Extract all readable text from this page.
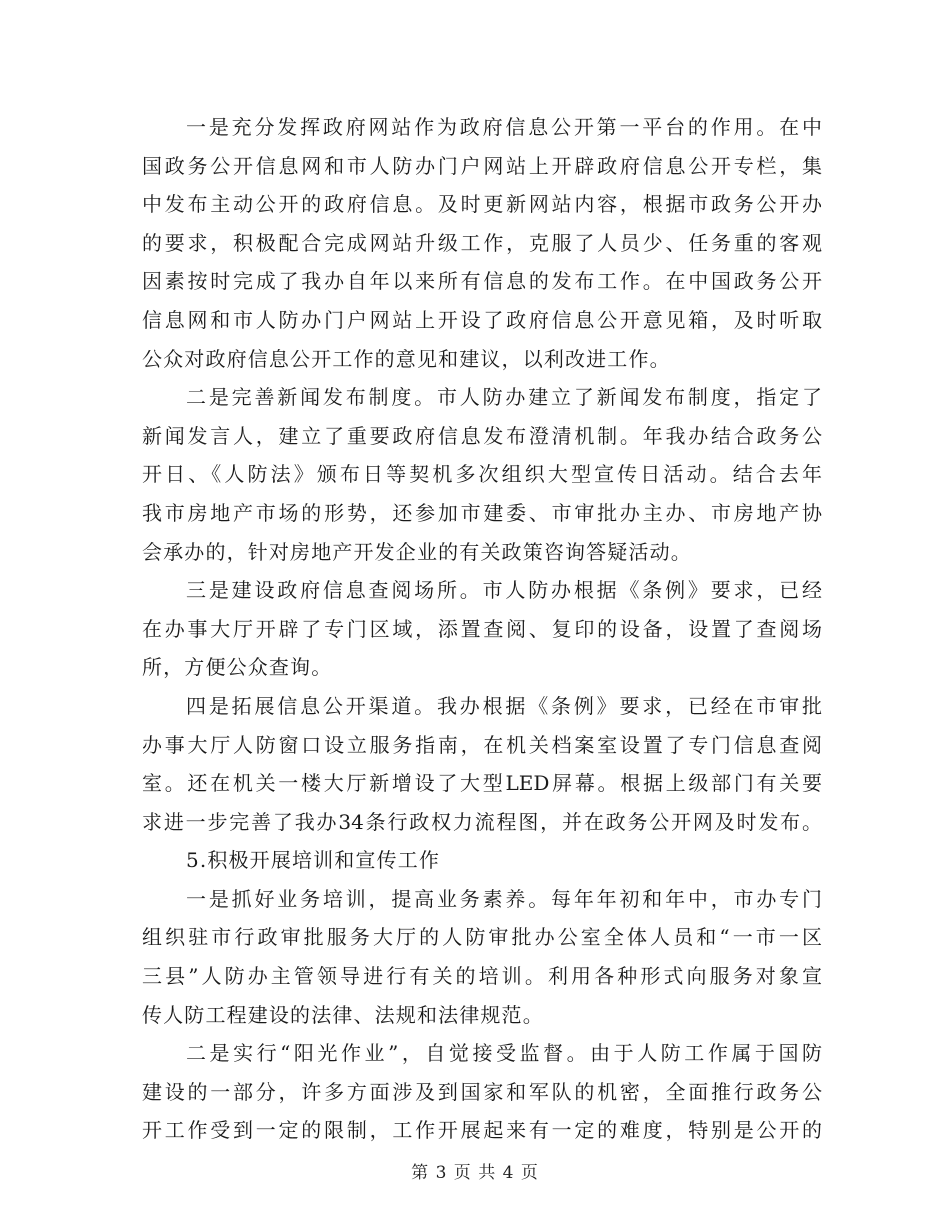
一是充分发挥政府网站作为政府信息公开第一平台的作用。在中
国政务公开信息网和市人防办门户网站上开辟政府信息公开专栏，集
中发布主动公开的政府信息。及时更新网站内容，根据市政务公开办
的要求，积极配合完成网站升级工作，克服了人员少、任务重的客观
因素按时完成了我办自年以来所有信息的发布工作。在中国政务公开
信息网和市人防办门户网站上开设了政府信息公开意见箱，及时听取
公众对政府信息公开工作的意见和建议，以利改进工作。
二是完善新闻发布制度。市人防办建立了新闻发布制度，指定了
新闻发言人，建立了重要政府信息发布澄清机制。年我办结合政务公
开日、《人防法》颁布日等契机多次组织大型宣传日活动。结合去年
我市房地产市场的形势，还参加市建委、市审批办主办、市房地产协
会承办的，针对房地产开发企业的有关政策咨询答疑活动。
三是建设政府信息查阅场所。市人防办根据《条例》要求，已经
在办事大厅开辟了专门区域，添置查阅、复印的设备，设置了查阅场
所，方便公众查询。
四是拓展信息公开渠道。我办根据《条例》要求，已经在市审批
办事大厅人防窗口设立服务指南，在机关档案室设置了专门信息查阅
室。还在机关一楼大厅新增设了大型LED屏幕。根据上级部门有关要
求进一步完善了我办34条行政权力流程图，并在政务公开网及时发布。
5.积极开展培训和宣传工作
一是抓好业务培训，提高业务素养。每年年初和年中，市办专门
组织驻市行政审批服务大厅的人防审批办公室全体人员和“一市一区
三县”人防办主管领导进行有关的培训。利用各种形式向服务对象宣
传人防工程建设的法律、法规和法律规范。
二是实行“阳光作业”，自觉接受监督。由于人防工作属于国防
建设的一部分，许多方面涉及到国家和军队的机密，全面推行政务公
开工作受到一定的限制，工作开展起来有一定的难度，特别是公开的
第 3 页 共 4 页
